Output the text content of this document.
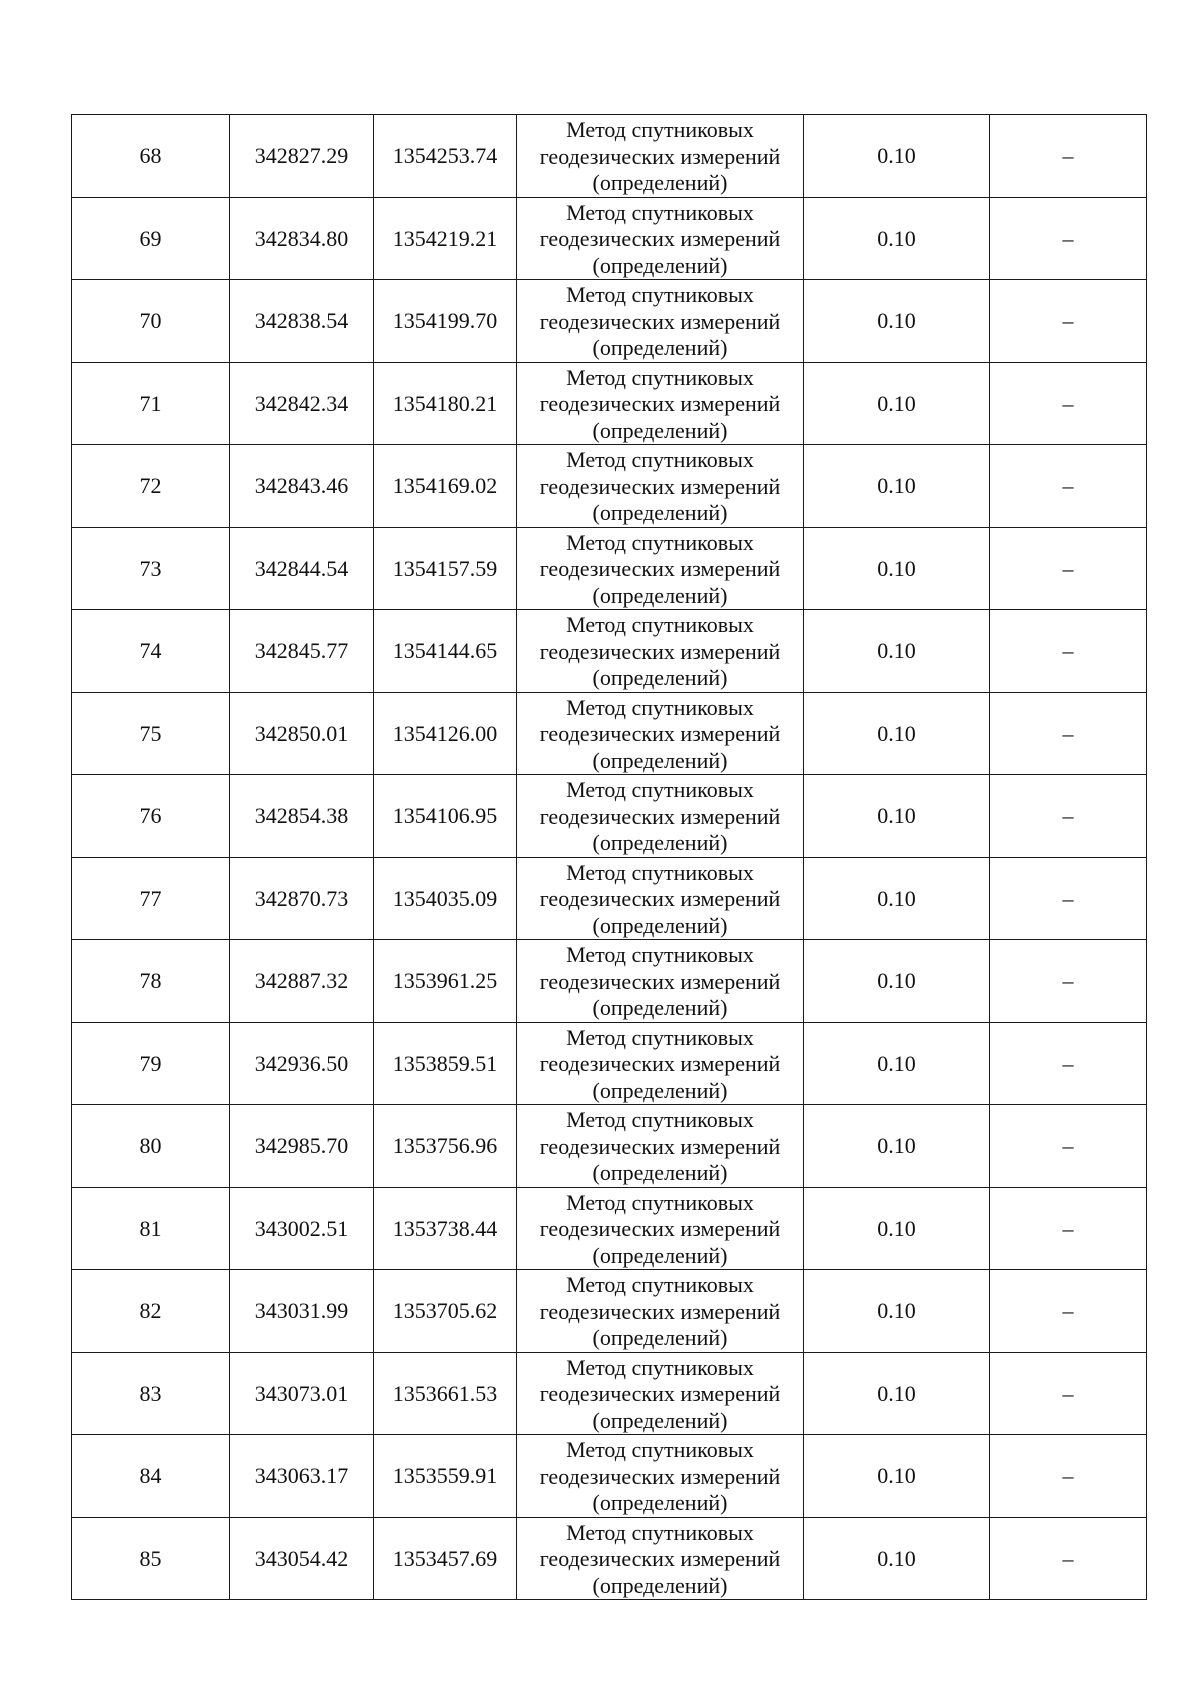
68	342827.29	1354253.74	Метод спутниковых геодезических измерений (определений)	0.10	–
69	342834.80	1354219.21	Метод спутниковых геодезических измерений (определений)	0.10	–
70	342838.54	1354199.70	Метод спутниковых геодезических измерений (определений)	0.10	–
71	342842.34	1354180.21	Метод спутниковых геодезических измерений (определений)	0.10	–
72	342843.46	1354169.02	Метод спутниковых геодезических измерений (определений)	0.10	–
73	342844.54	1354157.59	Метод спутниковых геодезических измерений (определений)	0.10	–
74	342845.77	1354144.65	Метод спутниковых геодезических измерений (определений)	0.10	–
75	342850.01	1354126.00	Метод спутниковых геодезических измерений (определений)	0.10	–
76	342854.38	1354106.95	Метод спутниковых геодезических измерений (определений)	0.10	–
77	342870.73	1354035.09	Метод спутниковых геодезических измерений (определений)	0.10	–
78	342887.32	1353961.25	Метод спутниковых геодезических измерений (определений)	0.10	–
79	342936.50	1353859.51	Метод спутниковых геодезических измерений (определений)	0.10	–
80	342985.70	1353756.96	Метод спутниковых геодезических измерений (определений)	0.10	–
81	343002.51	1353738.44	Метод спутниковых геодезических измерений (определений)	0.10	–
82	343031.99	1353705.62	Метод спутниковых геодезических измерений (определений)	0.10	–
83	343073.01	1353661.53	Метод спутниковых геодезических измерений (определений)	0.10	–
84	343063.17	1353559.91	Метод спутниковых геодезических измерений (определений)	0.10	–
85	343054.42	1353457.69	Метод спутниковых геодезических измерений (определений)	0.10	–
